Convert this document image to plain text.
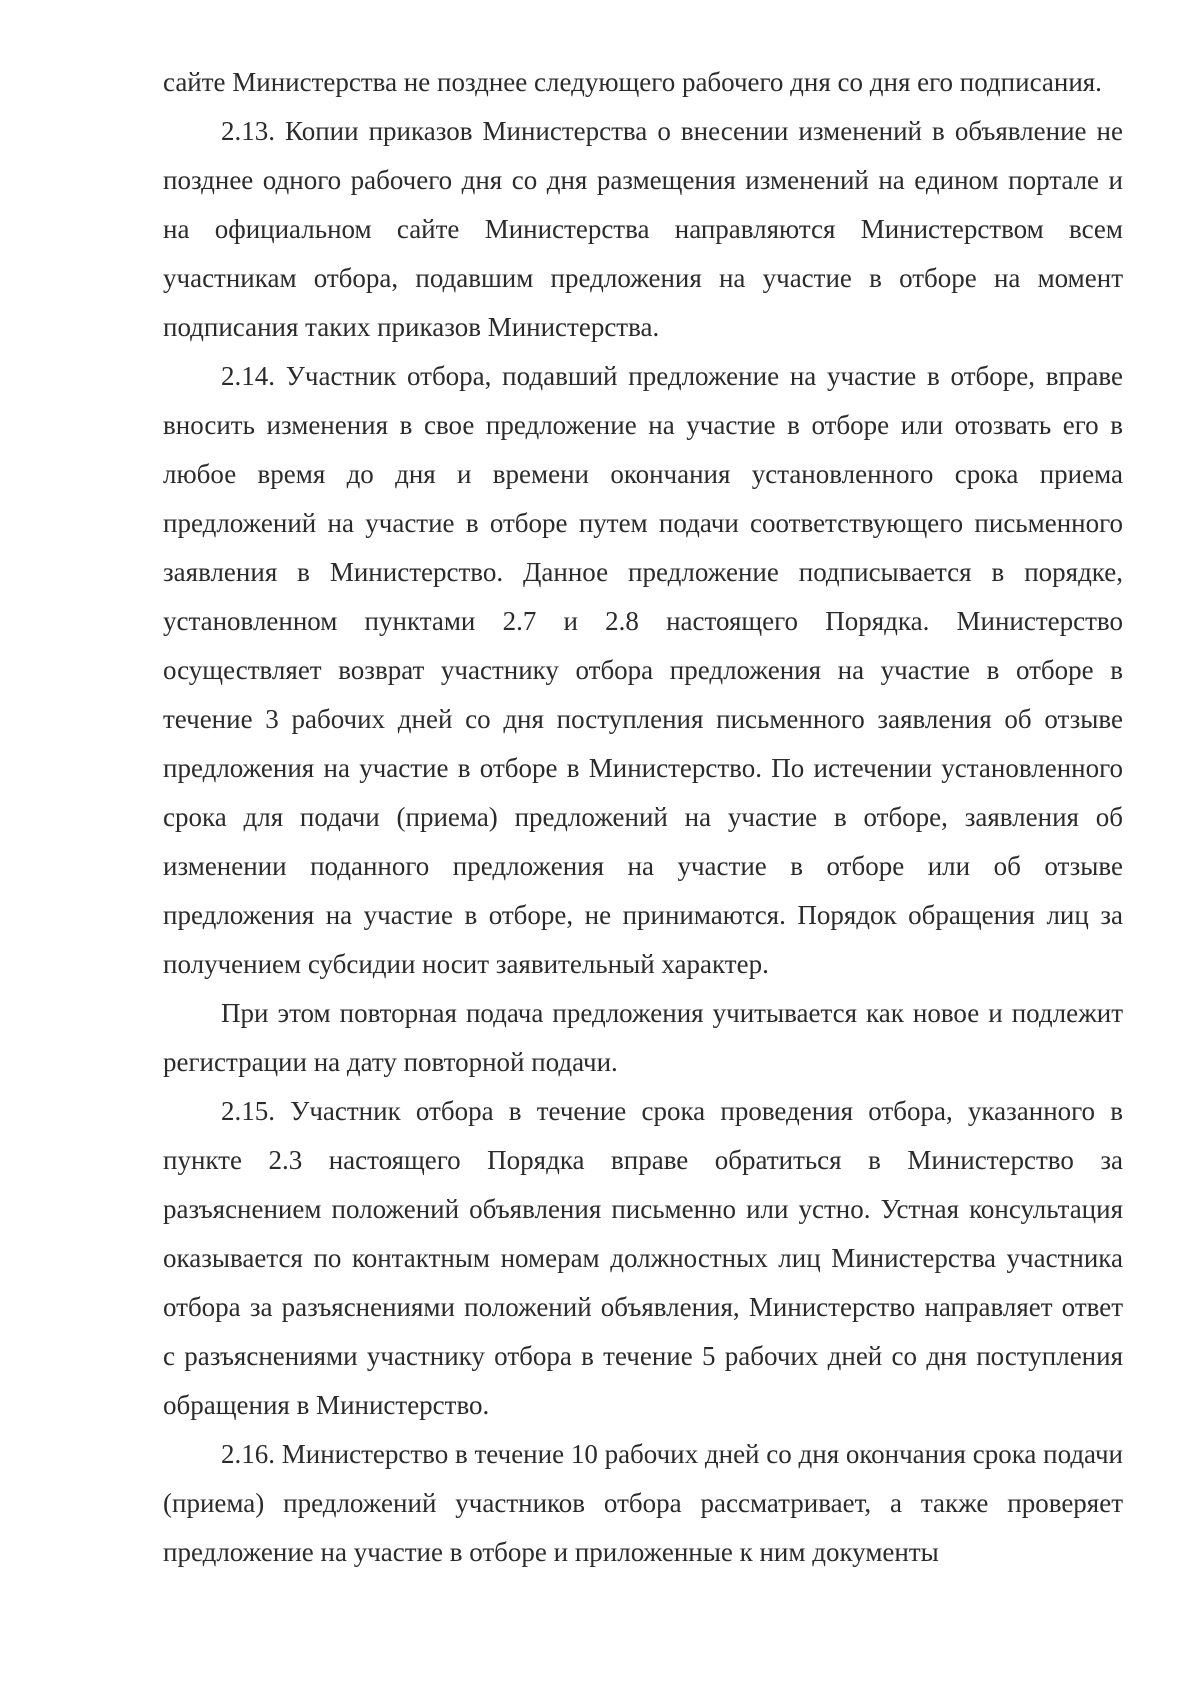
сайте Министерства не позднее следующего рабочего дня со дня его подписания.

2.13. Копии приказов Министерства о внесении изменений в объявление не позднее одного рабочего дня со дня размещения изменений на едином портале и на официальном сайте Министерства направляются Министерством всем участникам отбора, подавшим предложения на участие в отборе на момент подписания таких приказов Министерства.

2.14. Участник отбора, подавший предложение на участие в отборе, вправе вносить изменения в свое предложение на участие в отборе или отозвать его в любое время до дня и времени окончания установленного срока приема предложений на участие в отборе путем подачи соответствующего письменного заявления в Министерство. Данное предложение подписывается в порядке, установленном пунктами 2.7 и 2.8 настоящего Порядка. Министерство осуществляет возврат участнику отбора предложения на участие в отборе в течение 3 рабочих дней со дня поступления письменного заявления об отзыве предложения на участие в отборе в Министерство. По истечении установленного срока для подачи (приема) предложений на участие в отборе, заявления об изменении поданного предложения на участие в отборе или об отзыве предложения на участие в отборе, не принимаются. Порядок обращения лиц за получением субсидии носит заявительный характер.

При этом повторная подача предложения учитывается как новое и подлежит регистрации на дату повторной подачи.

2.15. Участник отбора в течение срока проведения отбора, указанного в пункте 2.3 настоящего Порядка вправе обратиться в Министерство за разъяснением положений объявления письменно или устно. Устная консультация оказывается по контактным номерам должностных лиц Министерства участника отбора за разъяснениями положений объявления, Министерство направляет ответ с разъяснениями участнику отбора в течение 5 рабочих дней со дня поступления обращения в Министерство.

2.16. Министерство в течение 10 рабочих дней со дня окончания срока подачи (приема) предложений участников отбора рассматривает, а также проверяет предложение на участие в отборе и приложенные к ним документы
